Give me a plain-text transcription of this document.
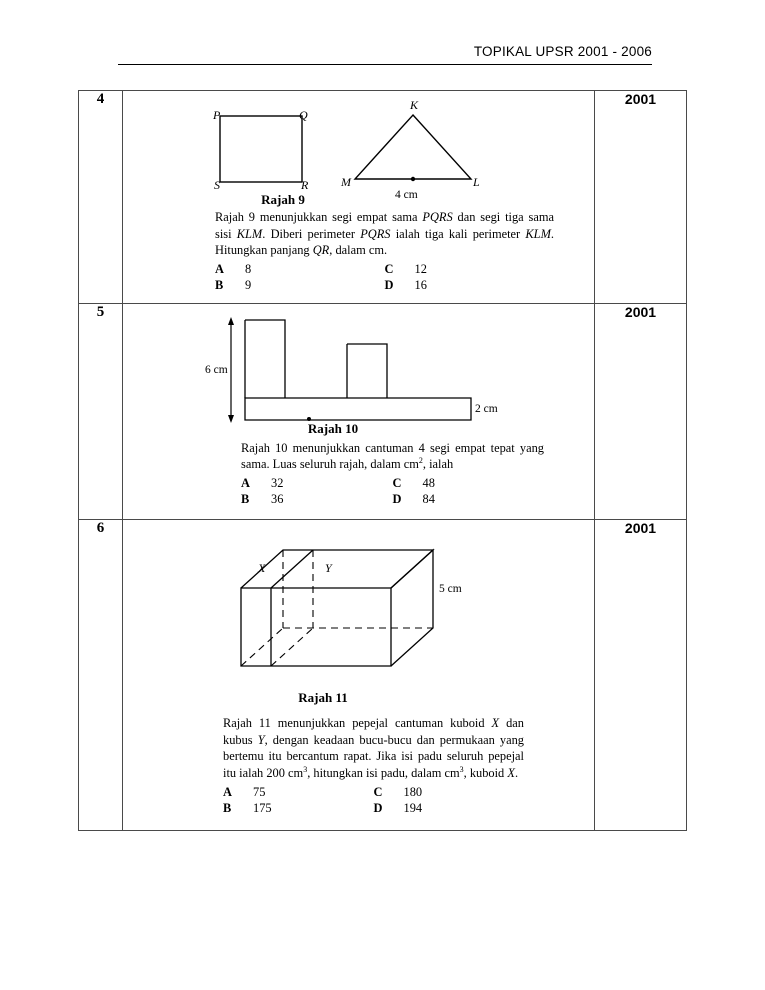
TOPIKAL UPSR 2001 - 2006
4	
P	Q
S	R
K
M	L
4 cm
Rajah 9
Rajah 9 menunjukkan segi empat sama PQRS dan segi tiga sama sisi KLM. Diberi perimeter PQRS ialah tiga kali perimeter KLM. Hitungkan panjang QR, dalam cm.
A	8	C	12
B	9	D	16
	2001
5	
6 cm
2 cm
Rajah 10
Rajah 10 menunjukkan cantuman 4 segi empat tepat yang sama. Luas seluruh rajah, dalam $cm^2$, ialah
A	32	C	48
B	36	D	84
	2001
6	
X	Y
5 cm
Rajah 11
Rajah 11 menunjukkan pepejal cantuman kuboid X dan kubus Y, dengan keadaan bucu-bucu dan permukaan yang bertemu itu bercantum rapat. Jika isi padu seluruh pepejal itu ialah 200 $cm^3$, hitungkan isi padu, dalam $cm^3$, kuboid X.
A	75	C	180
B	175	D	194
	2001
